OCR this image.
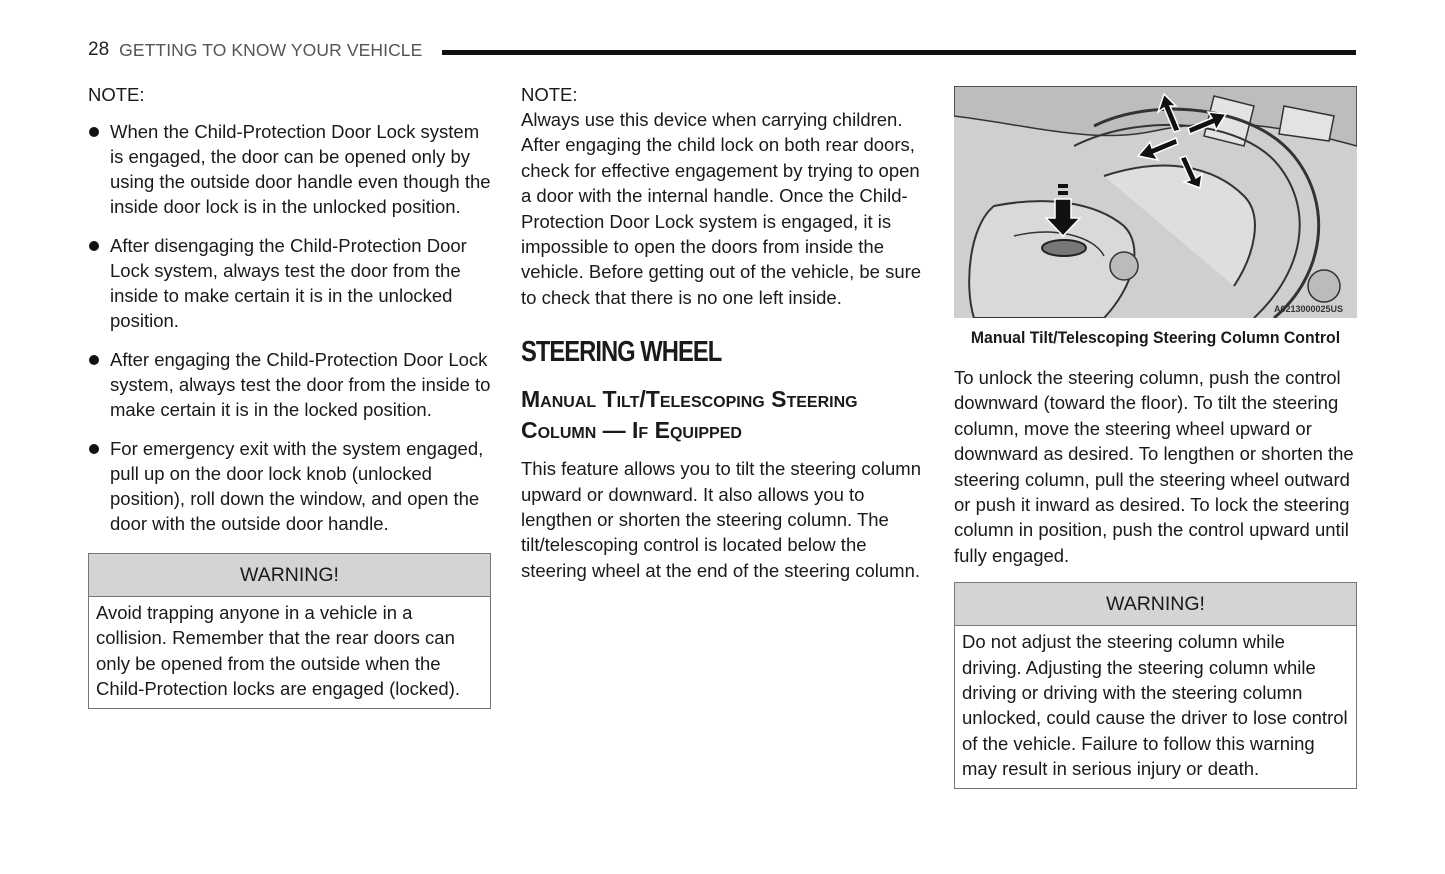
28 GETTING TO KNOW YOUR VEHICLE

NOTE:

When the Child-Protection Door Lock system is engaged, the door can be opened only by using the outside door handle even though the inside door lock is in the unlocked position.
After disengaging the Child-Protection Door Lock system, always test the door from the inside to make certain it is in the unlocked position.
After engaging the Child-Protection Door Lock system, always test the door from the inside to make certain it is in the locked position.
For emergency exit with the system engaged, pull up on the door lock knob (unlocked position), roll down the window, and open the door with the outside door handle.
WARNING!
Avoid trapping anyone in a vehicle in a collision. Remember that the rear doors can only be opened from the outside when the Child-Protection locks are engaged (locked).

NOTE:

Always use this device when carrying children. After engaging the child lock on both rear doors, check for effective engagement by trying to open a door with the internal handle. Once the Child-Protection Door Lock system is engaged, it is impossible to open the doors from inside the vehicle. Before getting out of the vehicle, be sure to check that there is no one left inside.

STEERING WHEEL
Manual Tilt/Telescoping Steering Column — If Equipped

This feature allows you to tilt the steering column upward or downward. It also allows you to lengthen or shorten the steering column. The tilt/telescoping control is located below the steering wheel at the end of the steering column.

A0213000025US
Manual Tilt/Telescoping Steering Column Control

To unlock the steering column, push the control downward (toward the floor). To tilt the steering column, move the steering wheel upward or downward as desired. To lengthen or shorten the steering column, pull the steering wheel outward or push it inward as desired. To lock the steering column in position, push the control upward until fully engaged.

WARNING!
Do not adjust the steering column while driving. Adjusting the steering column while driving or driving with the steering column unlocked, could cause the driver to lose control of the vehicle. Failure to follow this warning may result in serious injury or death.
